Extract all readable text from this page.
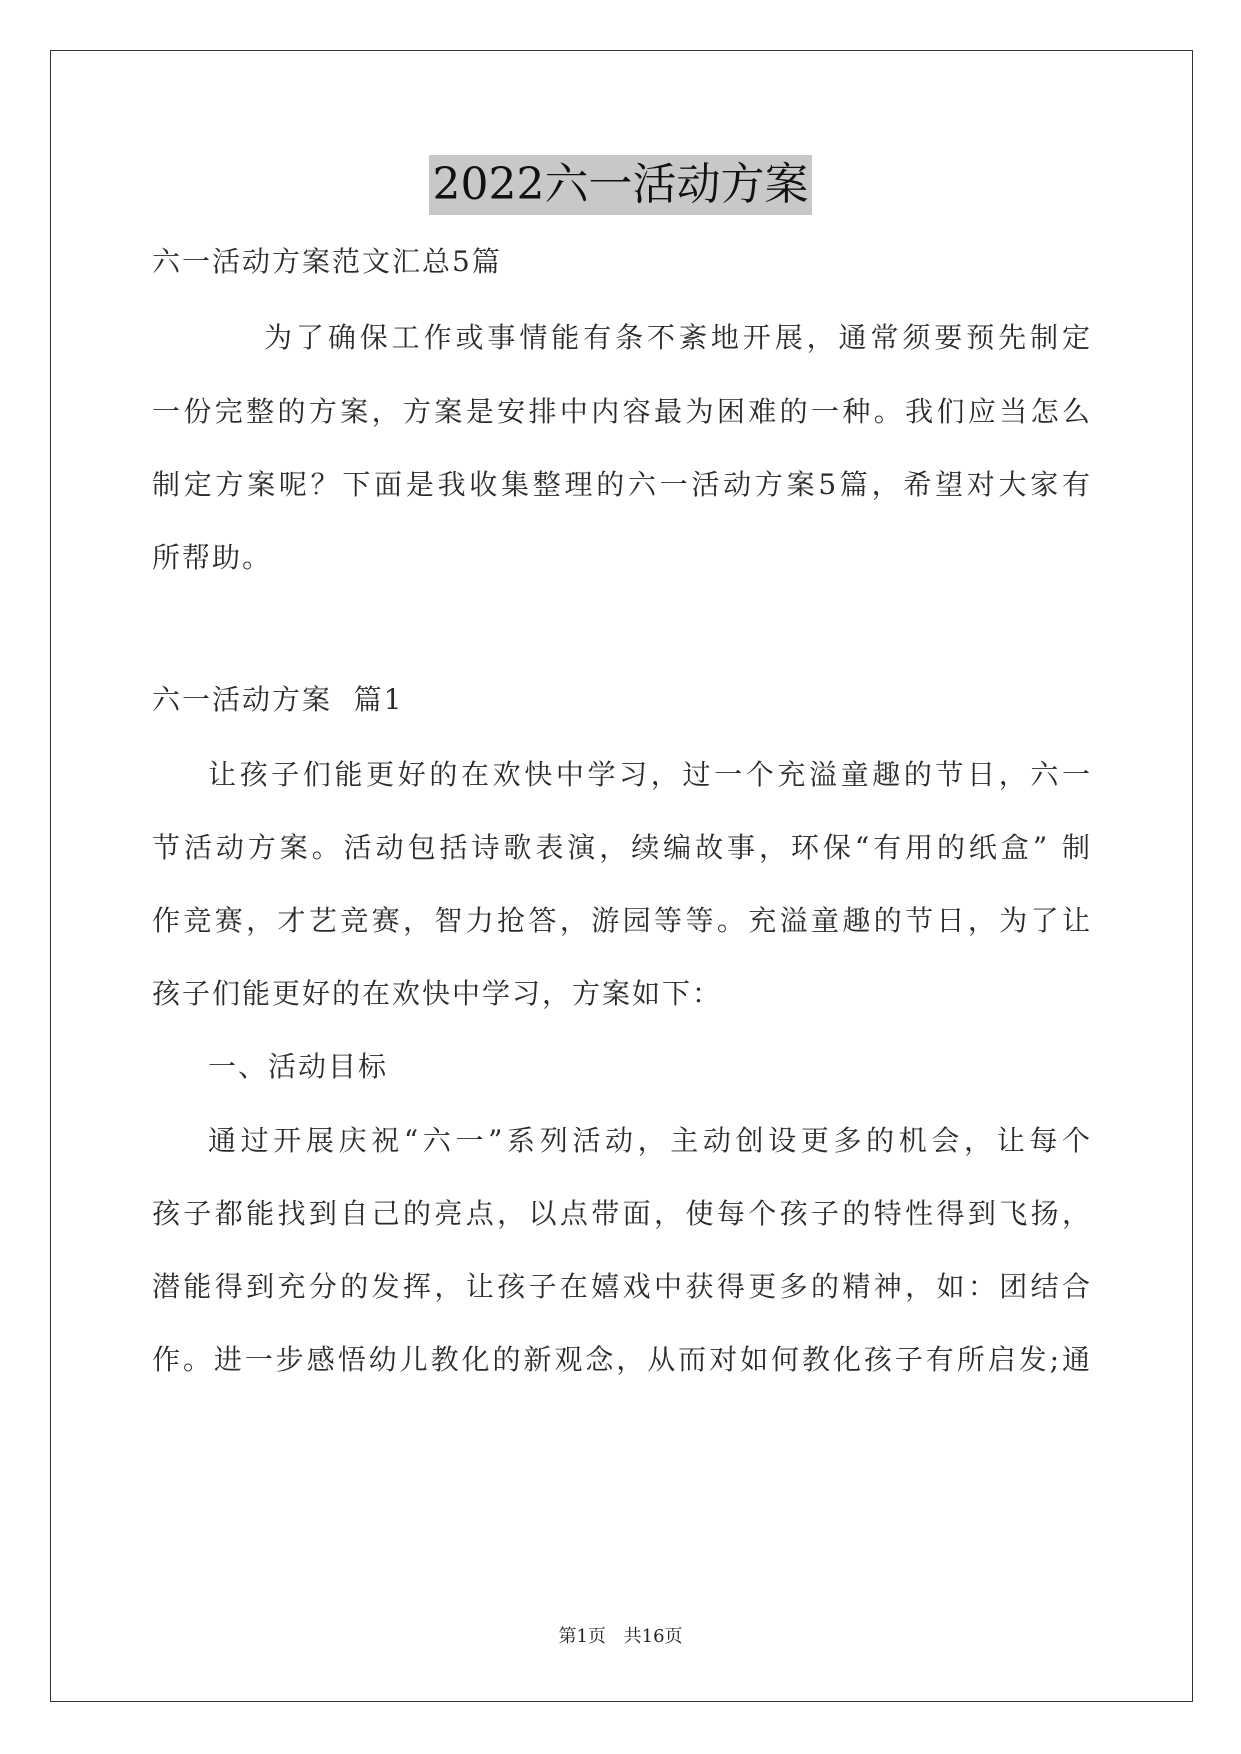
2022六一活动方案
六一活动方案范文汇总5篇
为了确保工作或事情能有条不紊地开展，通常须要预先制定
一份完整的方案，方案是安排中内容最为困难的一种。我们应当怎么
制定方案呢？下面是我收集整理的六一活动方案5篇，希望对大家有
所帮助。
六一活动方案  篇1
让孩子们能更好的在欢快中学习，过一个充溢童趣的节日，六一
节活动方案。活动包括诗歌表演，续编故事，环保“有用的纸盒” 制
作竞赛，才艺竞赛，智力抢答，游园等等。充溢童趣的节日，为了让
孩子们能更好的在欢快中学习，方案如下：
一、活动目标
通过开展庆祝“六一”系列活动，主动创设更多的机会，让每个
孩子都能找到自己的亮点，以点带面，使每个孩子的特性得到飞扬，
潜能得到充分的发挥，让孩子在嬉戏中获得更多的精神，如：团结合
作。进一步感悟幼儿教化的新观念，从而对如何教化孩子有所启发;通
第1页 共16页
